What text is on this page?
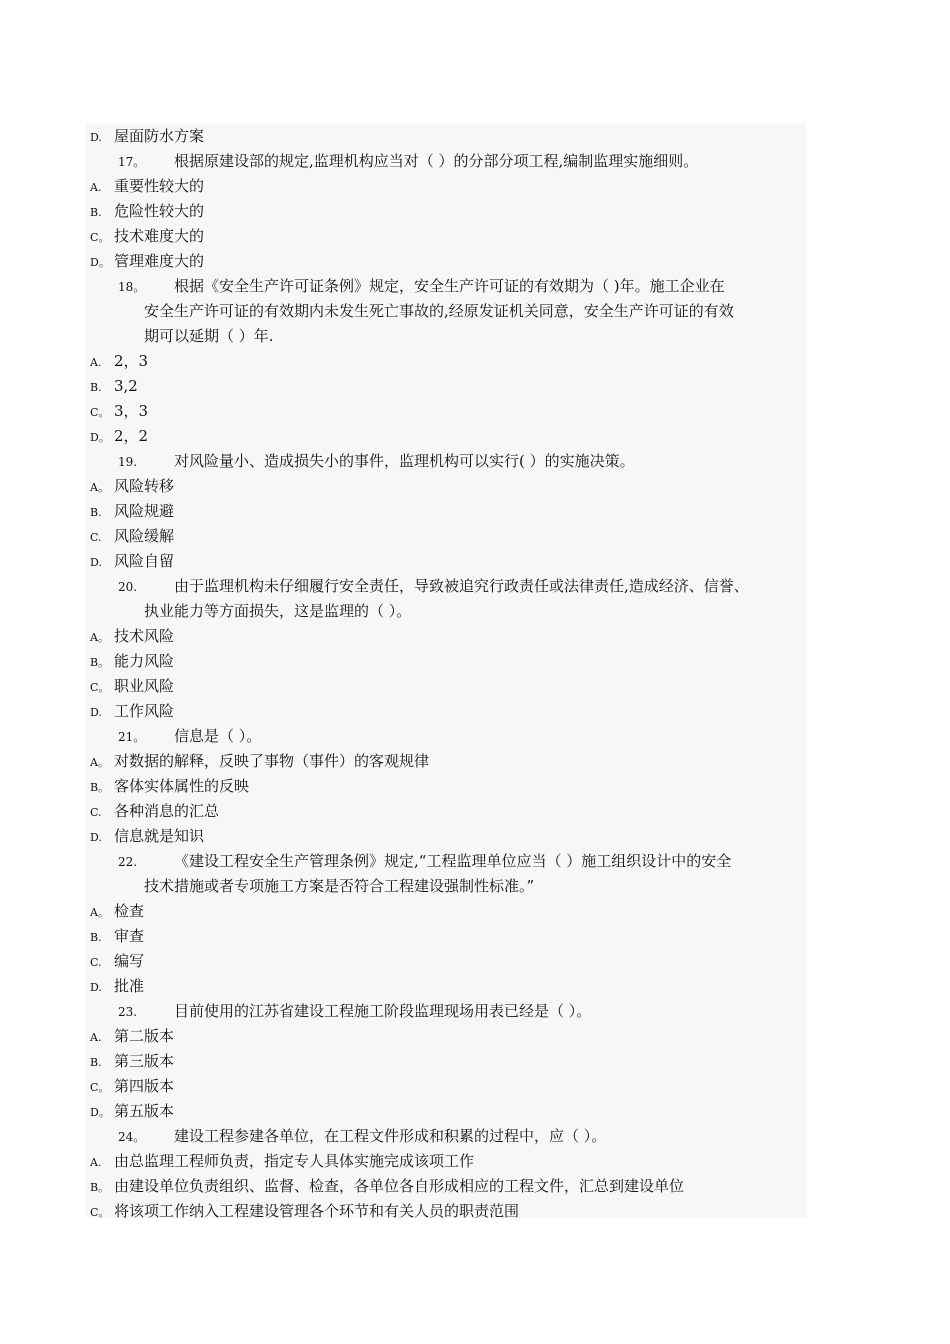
D. 屋面防水方案
17。 根据原建设部的规定,监理机构应当对（ ）的分部分项工程,编制监理实施细则。
A. 重要性较大的
B. 危险性较大的
C。 技术难度大的
D。 管理难度大的
18。 根据《安全生产许可证条例》规定，安全生产许可证的有效期为（ )年。施工企业在
安全生产许可证的有效期内未发生死亡事故的,经原发证机关同意，安全生产许可证的有效
期可以延期（ ）年.
A. 2，3
B. 3,2
C。 3，3
D。 2，2
19. 对风险量小、造成损失小的事件，监理机构可以实行( ）的实施决策。
A。 风险转移
B. 风险规避
C. 风险缓解
D. 风险自留
20. 由于监理机构未仔细履行安全责任，导致被追究行政责任或法律责任,造成经济、信誉、
执业能力等方面损失，这是监理的（ ）。
A。 技术风险
B。 能力风险
C。 职业风险
D. 工作风险
21。 信息是（ ）。
A。 对数据的解释，反映了事物（事件）的客观规律
B。 客体实体属性的反映
C. 各种消息的汇总
D. 信息就是知识
22. 《建设工程安全生产管理条例》规定,“工程监理单位应当（ ）施工组织设计中的安全
技术措施或者专项施工方案是否符合工程建设强制性标准。”
A。 检查
B. 审查
C. 编写
D. 批准
23. 目前使用的江苏省建设工程施工阶段监理现场用表已经是（ ）。
A. 第二版本
B. 第三版本
C。 第四版本
D。 第五版本
24。 建设工程参建各单位，在工程文件形成和积累的过程中，应（ ）。
A. 由总监理工程师负责，指定专人具体实施完成该项工作
B。 由建设单位负责组织、监督、检查，各单位各自形成相应的工程文件，汇总到建设单位
C。 将该项工作纳入工程建设管理各个环节和有关人员的职责范围
